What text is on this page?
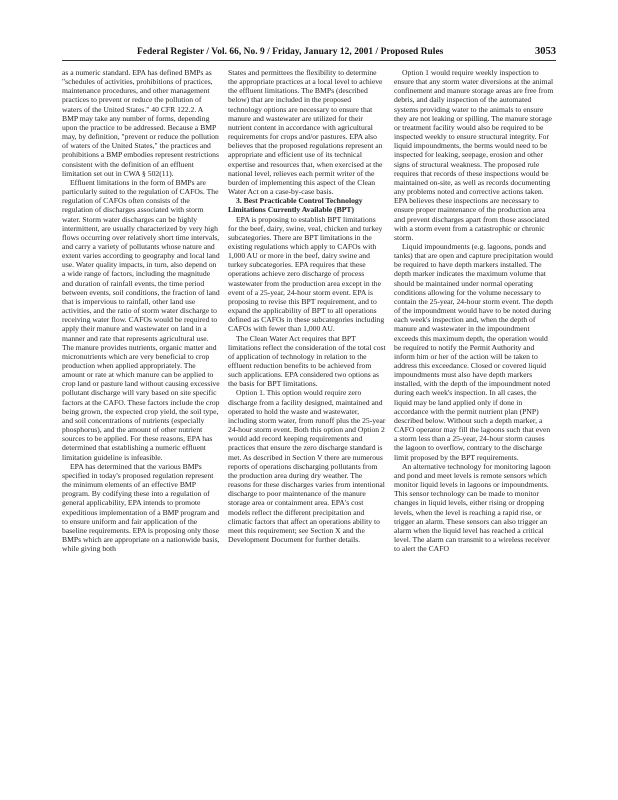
Federal Register / Vol. 66, No. 9 / Friday, January 12, 2001 / Proposed Rules	3053

as a numeric standard. EPA has defined BMPs as "schedules of activities, prohibitions of practices, maintenance procedures, and other management practices to prevent or reduce the pollution of waters of the United States." 40 CFR 122.2. A BMP may take any number of forms, depending upon the practice to be addressed. Because a BMP may, by definition, "prevent or reduce the pollution of waters of the United States," the practices and prohibitions a BMP embodies represent restrictions consistent with the definition of an effluent limitation set out in CWA § 502(11).

Effluent limitations in the form of BMPs are particularly suited to the regulation of CAFOs. The regulation of CAFOs often consists of the regulation of discharges associated with storm water. Storm water discharges can be highly intermittent, are usually characterized by very high flows occurring over relatively short time intervals, and carry a variety of pollutants whose nature and extent varies according to geography and local land use. Water quality impacts, in turn, also depend on a wide range of factors, including the magnitude and duration of rainfall events, the time period between events, soil conditions, the fraction of land that is impervious to rainfall, other land use activities, and the ratio of storm water discharge to receiving water flow. CAFOs would be required to apply their manure and wastewater on land in a manner and rate that represents agricultural use. The manure provides nutrients, organic matter and micronutrients which are very beneficial to crop production when applied appropriately. The amount or rate at which manure can be applied to crop land or pasture land without causing excessive pollutant discharge will vary based on site specific factors at the CAFO. These factors include the crop being grown, the expected crop yield, the soil type, and soil concentrations of nutrients (especially phosphorus), and the amount of other nutrient sources to be applied. For these reasons, EPA has determined that establishing a numeric effluent limitation guideline is infeasible.

EPA has determined that the various BMPs specified in today's proposed regulation represent the minimum elements of an effective BMP program. By codifying these into a regulation of general applicability, EPA intends to promote expeditious implementation of a BMP program and to ensure uniform and fair application of the baseline requirements. EPA is proposing only those BMPs which are appropriate on a nationwide basis, while giving both

States and permittees the flexibility to determine the appropriate practices at a local level to achieve the effluent limitations. The BMPs (described below) that are included in the proposed technology options are necessary to ensure that manure and wastewater are utilized for their nutrient content in accordance with agricultural requirements for crops and/or pastures. EPA also believes that the proposed regulations represent an appropriate and efficient use of its technical expertise and resources that, when exercised at the national level, relieves each permit writer of the burden of implementing this aspect of the Clean Water Act on a case-by-case basis.

3. Best Practicable Control Technology Limitations Currently Available (BPT)

EPA is proposing to establish BPT limitations for the beef, dairy, swine, veal, chicken and turkey subcategories. There are BPT limitations in the existing regulations which apply to CAFOs with 1,000 AU or more in the beef, dairy swine and turkey subcategories. EPA requires that these operations achieve zero discharge of process wastewater from the production area except in the event of a 25-year, 24-hour storm event. EPA is proposing to revise this BPT requirement, and to expand the applicability of BPT to all operations defined as CAFOs in these subcategories including CAFOs with fewer than 1,000 AU.

The Clean Water Act requires that BPT limitations reflect the consideration of the total cost of application of technology in relation to the effluent reduction benefits to be achieved from such applications. EPA considered two options as the basis for BPT limitations.

Option 1. This option would require zero discharge from a facility designed, maintained and operated to hold the waste and wastewater, including storm water, from runoff plus the 25-year 24-hour storm event. Both this option and Option 2 would add record keeping requirements and practices that ensure the zero discharge standard is met. As described in Section V there are numerous reports of operations discharging pollutants from the production area during dry weather. The reasons for these discharges varies from intentional discharge to poor maintenance of the manure storage area or containment area. EPA's cost models reflect the different precipitation and climatic factors that affect an operations ability to meet this requirement; see Section X and the Development Document for further details.

Option 1 would require weekly inspection to ensure that any storm water diversions at the animal confinement and manure storage areas are free from debris, and daily inspection of the automated systems providing water to the animals to ensure they are not leaking or spilling. The manure storage or treatment facility would also be required to be inspected weekly to ensure structural integrity. For liquid impoundments, the berms would need to be inspected for leaking, seepage, erosion and other signs of structural weakness. The proposed rule requires that records of these inspections would be maintained on-site, as well as records documenting any problems noted and corrective actions taken. EPA believes these inspections are necessary to ensure proper maintenance of the production area and prevent discharges apart from those associated with a storm event from a catastrophic or chronic storm.

Liquid impoundments (e.g. lagoons, ponds and tanks) that are open and capture precipitation would be required to have depth markers installed. The depth marker indicates the maximum volume that should be maintained under normal operating conditions allowing for the volume necessary to contain the 25-year, 24-hour storm event. The depth of the impoundment would have to be noted during each week's inspection and, when the depth of manure and wastewater in the impoundment exceeds this maximum depth, the operation would be required to notify the Permit Authority and inform him or her of the action will be taken to address this exceedance. Closed or covered liquid impoundments must also have depth markers installed, with the depth of the impoundment noted during each week's inspection. In all cases, the liquid may be land applied only if done in accordance with the permit nutrient plan (PNP) described below. Without such a depth marker, a CAFO operator may fill the lagoons such that even a storm less than a 25-year, 24-hour storm causes the lagoon to overflow, contrary to the discharge limit proposed by the BPT requirements.

An alternative technology for monitoring lagoon and pond and meet levels is remote sensors which monitor liquid levels in lagoons or impoundments. This sensor technology can be made to monitor changes in liquid levels, either rising or dropping levels, when the level is reaching a rapid rise, or trigger an alarm. These sensors can also trigger an alarm when the liquid level has reached a critical level. The alarm can transmit to a wireless receiver to alert the CAFO
